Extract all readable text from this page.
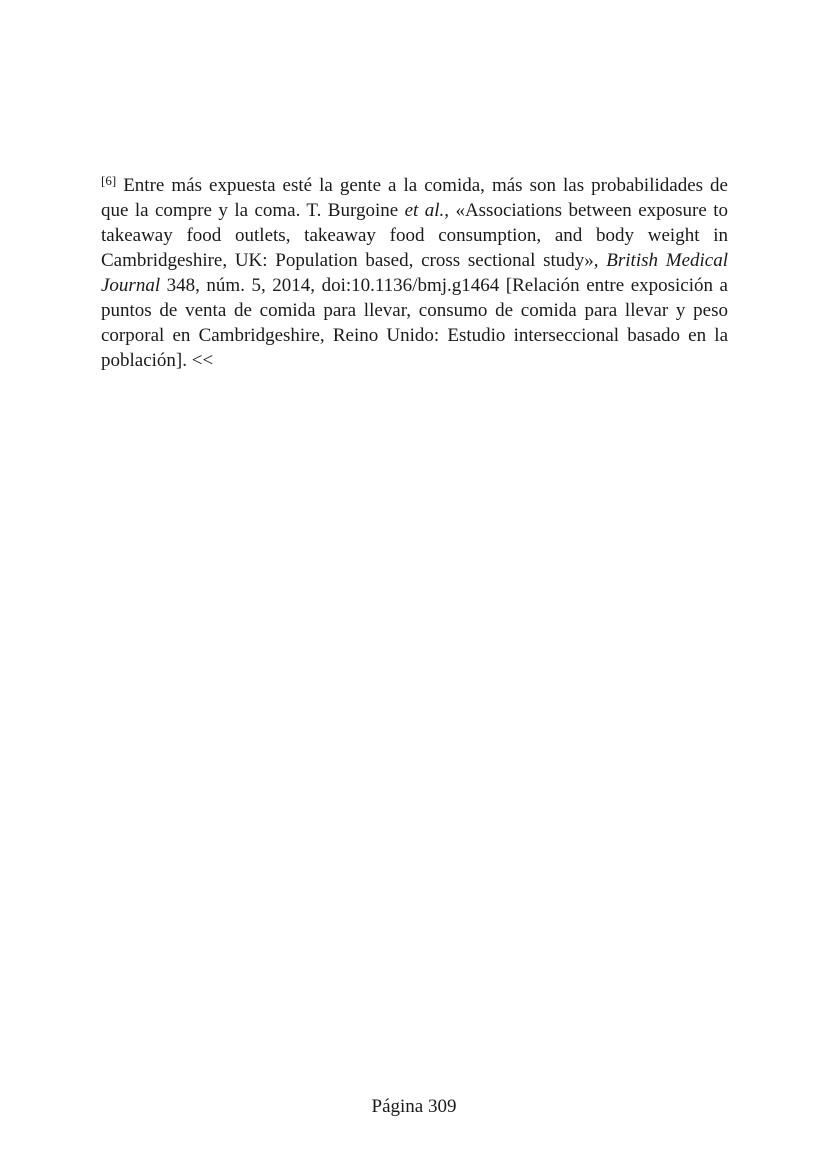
[6] Entre más expuesta esté la gente a la comida, más son las probabilidades de que la compre y la coma. T. Burgoine et al., «Associations between exposure to takeaway food outlets, takeaway food consumption, and body weight in Cambridgeshire, UK: Population based, cross sectional study», British Medical Journal 348, núm. 5, 2014, doi:10.1136/bmj.g1464 [Relación entre exposición a puntos de venta de comida para llevar, consumo de comida para llevar y peso corporal en Cambridgeshire, Reino Unido: Estudio interseccional basado en la población]. <<

Página 309
